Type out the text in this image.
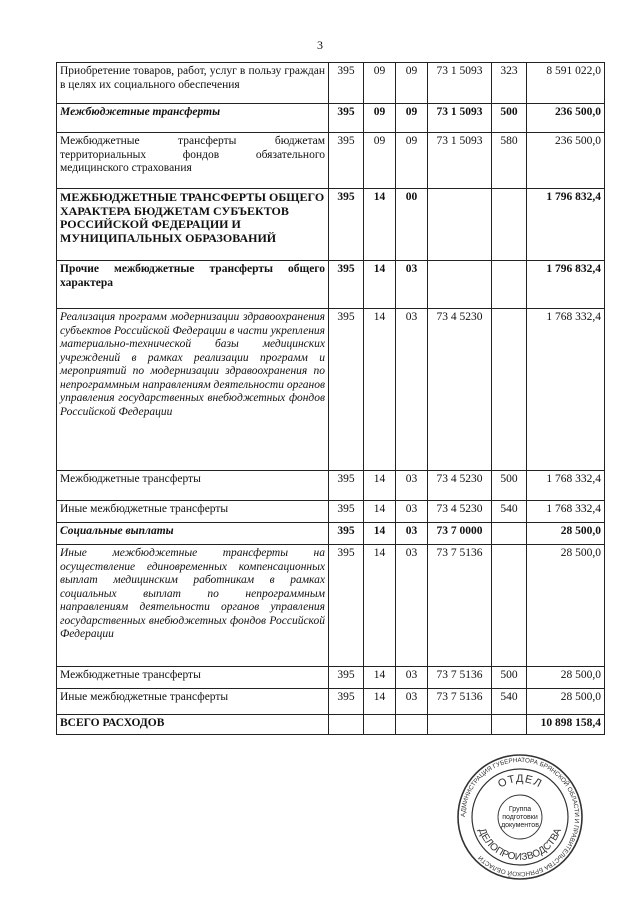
3
Приобретение товаров, работ, услуг в пользу граждан в целях их социального обеспечения	395	09	09	73 1 5093	323	8 591 022,0
Межбюджетные трансферты	395	09	09	73 1 5093	500	236 500,0
Межбюджетные трансферты бюджетам территориальных фондов обязательного медицинского страхования	395	09	09	73 1 5093	580	236 500,0
МЕЖБЮДЖЕТНЫЕ ТРАНСФЕРТЫ ОБЩЕГО ХАРАКТЕРА БЮДЖЕТАМ СУБЪЕКТОВ РОССИЙСКОЙ ФЕДЕРАЦИИ И МУНИЦИПАЛЬНЫХ ОБРАЗОВАНИЙ	395	14	00			1 796 832,4
Прочие межбюджетные трансферты общего характера	395	14	03			1 796 832,4
Реализация программ модернизации здравоохранения субъектов Российской Федерации в части укрепления материально-технической базы медицинских учреждений в рамках реализации программ и мероприятий по модернизации здравоохранения по непрограммным направлениям деятельности органов управления государственных внебюджетных фондов Российской Федерации	395	14	03	73 4 5230		1 768 332,4
Межбюджетные трансферты	395	14	03	73 4 5230	500	1 768 332,4
Иные межбюджетные трансферты	395	14	03	73 4 5230	540	1 768 332,4
Социальные выплаты	395	14	03	73 7 0000		28 500,0
Иные межбюджетные трансферты на осуществление единовременных компенсационных выплат медицинским работникам в рамках социальных выплат по непрограммным направлениям деятельности органов управления государственных внебюджетных фондов Российской Федерации	395	14	03	73 7 5136		28 500,0
Межбюджетные трансферты	395	14	03	73 7 5136	500	28 500,0
Иные межбюджетные трансферты	395	14	03	73 7 5136	540	28 500,0
ВСЕГО РАСХОДОВ						10 898 158,4
АДМИНИСТРАЦИЯ ГУБЕРНАТОРА БРЯНСКОЙ ОБЛАСТИ И ПРАВИТЕЛЬСТВА БРЯНСКОЙ ОБЛАСТИ
ОТДЕЛ
ДЕЛОПРОИЗВОДСТВА
Группа
подготовки
документов
